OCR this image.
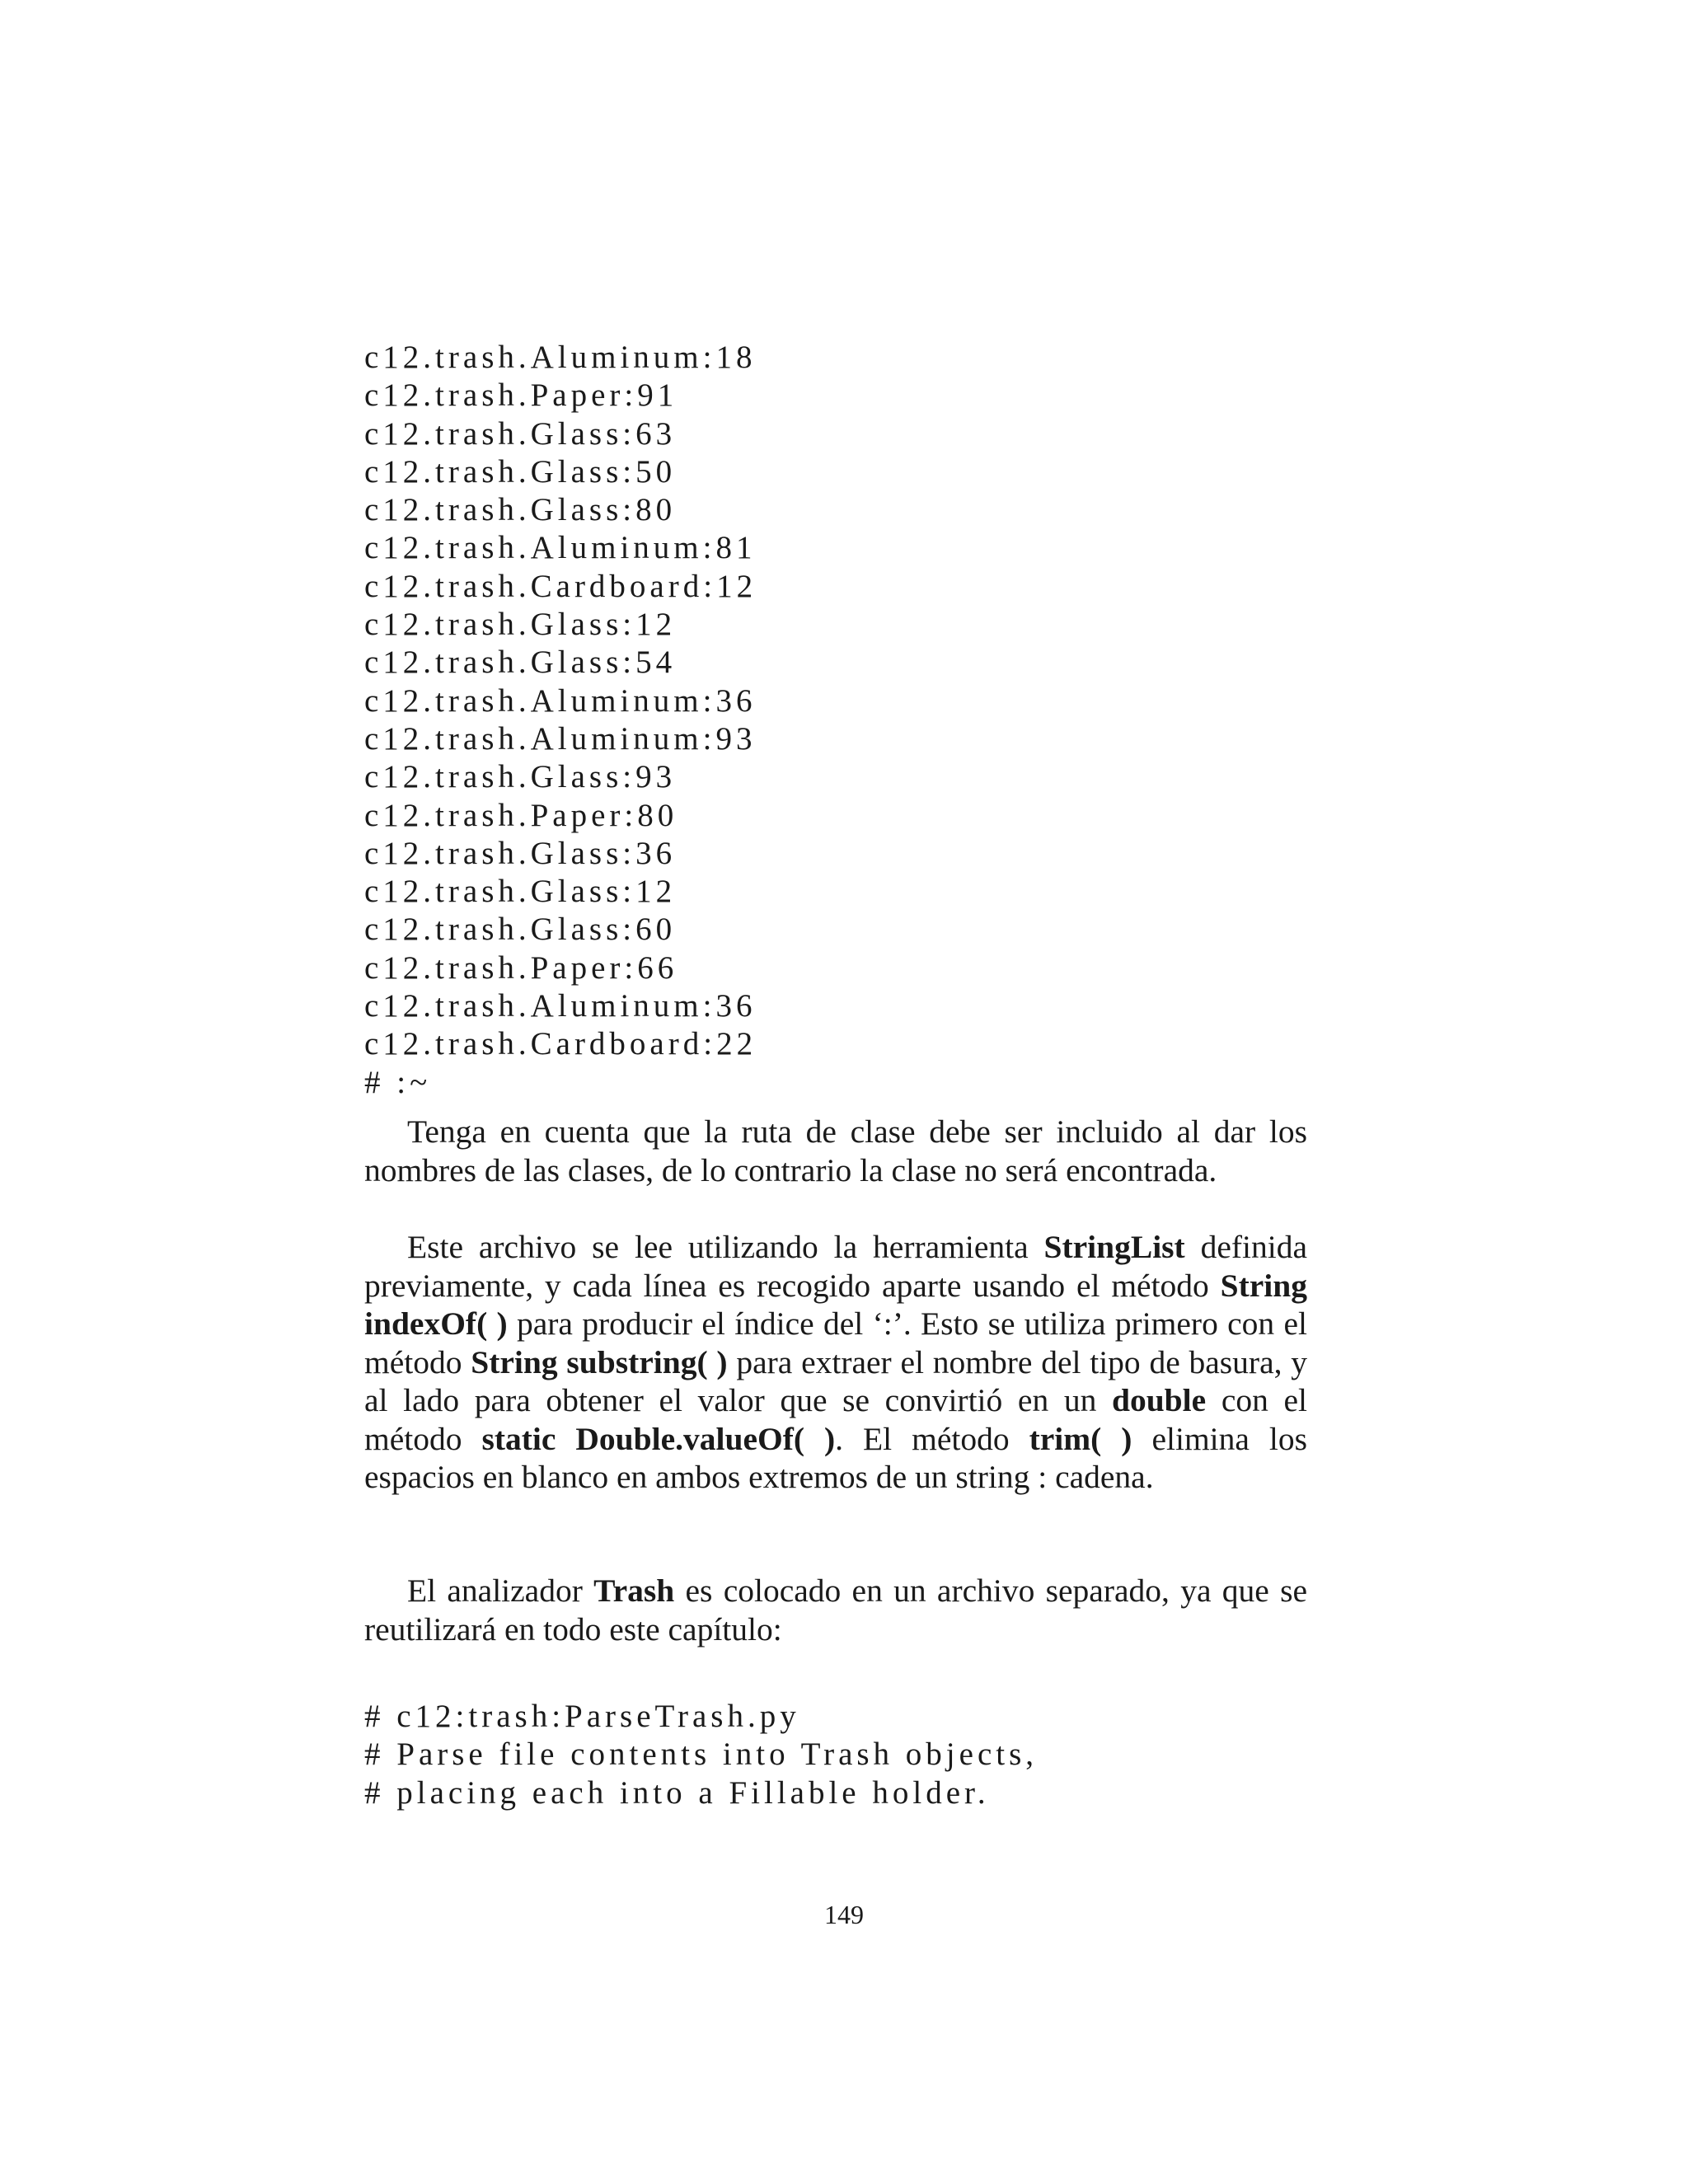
c12.trash.Aluminum:18
c12.trash.Paper:91
c12.trash.Glass:63
c12.trash.Glass:50
c12.trash.Glass:80
c12.trash.Aluminum:81
c12.trash.Cardboard:12
c12.trash.Glass:12
c12.trash.Glass:54
c12.trash.Aluminum:36
c12.trash.Aluminum:93
c12.trash.Glass:93
c12.trash.Paper:80
c12.trash.Glass:36
c12.trash.Glass:12
c12.trash.Glass:60
c12.trash.Paper:66
c12.trash.Aluminum:36
c12.trash.Cardboard:22
# :~

Tenga en cuenta que la ruta de clase debe ser incluido al dar los nombres de las clases, de lo contrario la clase no será encontrada.

Este archivo se lee utilizando la herramienta StringList definida previamente, y cada línea es recogido aparte usando el método String indexOf( ) para producir el índice del ‘:’. Esto se utiliza primero con el método String substring( ) para extraer el nombre del tipo de basura, y al lado para obtener el valor que se convirtió en un double con el método static Double.valueOf( ). El método trim( ) elimina los espacios en blanco en ambos extremos de un string : cadena.

El analizador Trash es colocado en un archivo separado, ya que se reutilizará en todo este capítulo:

# c12:trash:ParseTrash.py
# Parse file contents into Trash objects,
# placing each into a Fillable holder.
149
